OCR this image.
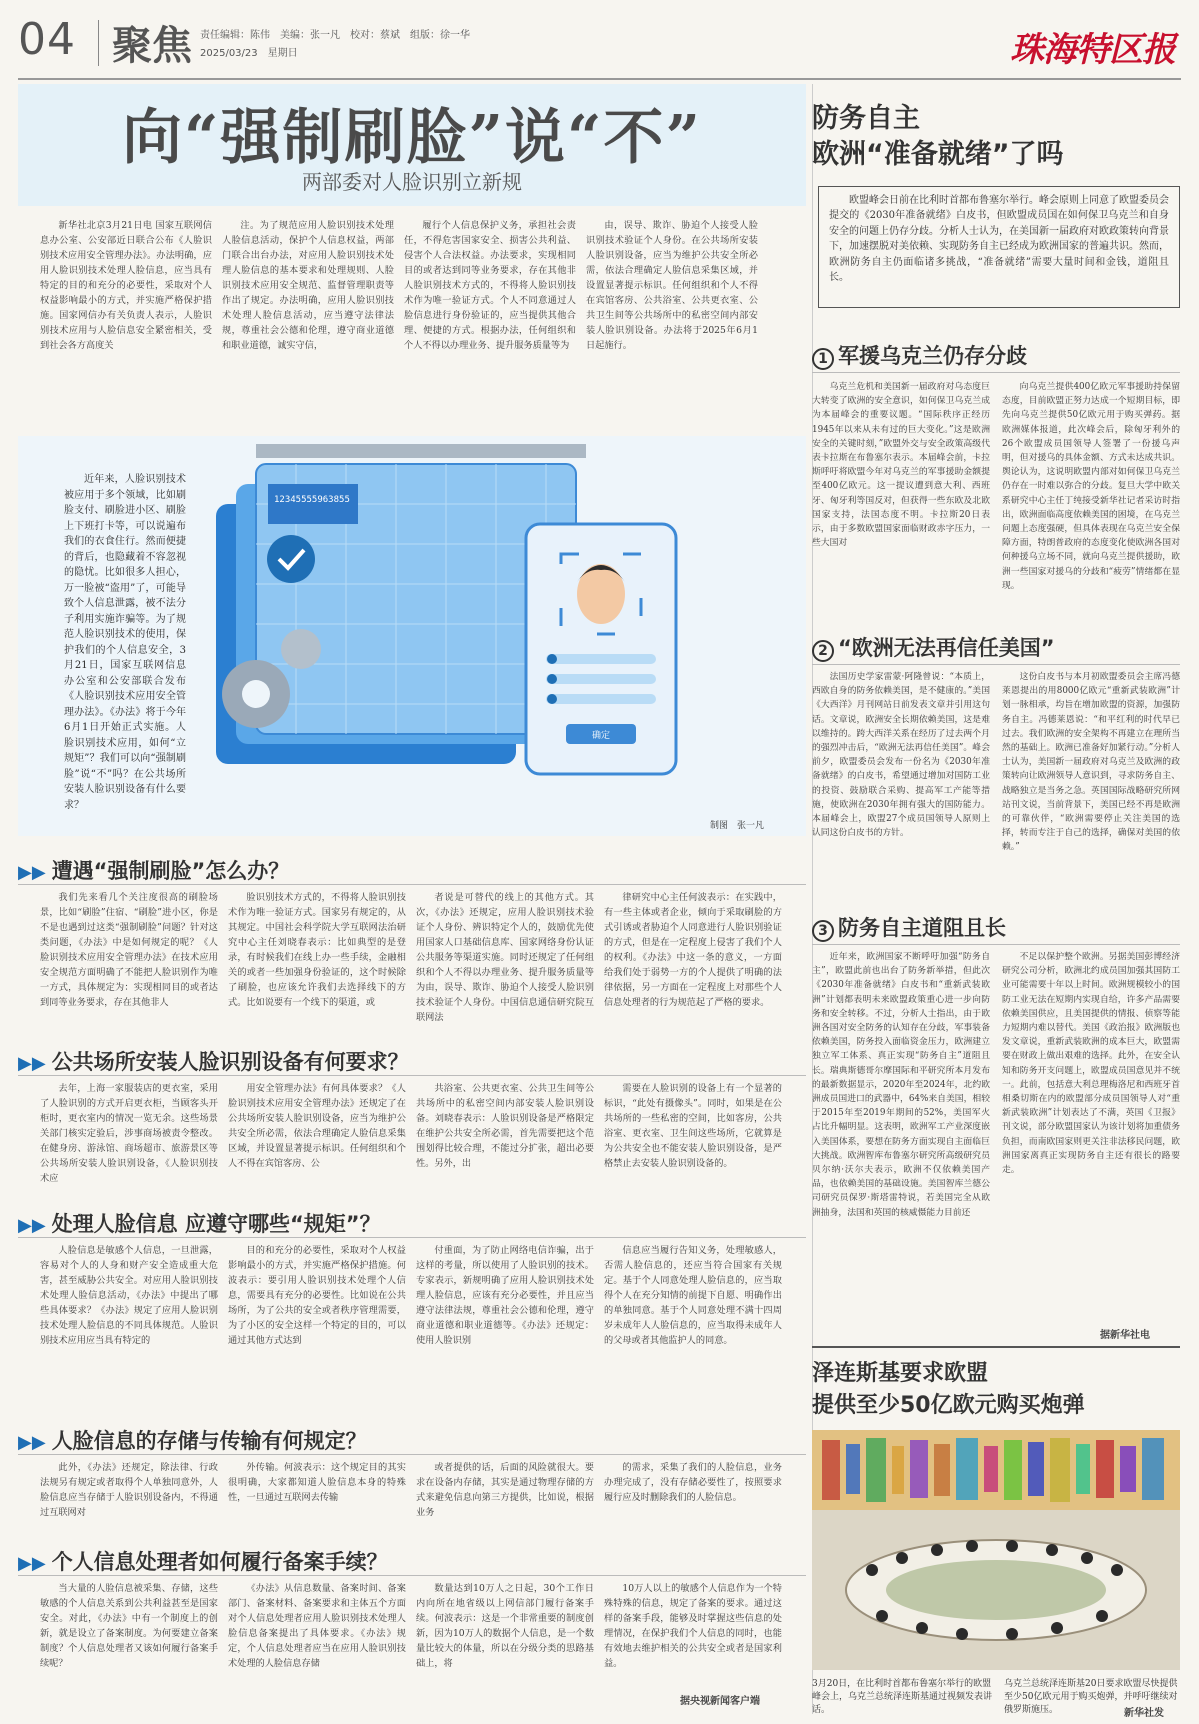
04 聚焦 责任编辑：陈伟　美编：张一凡　校对：蔡斌　组版：徐一华
2025/03/23　星期日	珠海特区报
向“强制刷脸”说“不”
两部委对人脸识别立新规

新华社北京3月21日电 国家互联网信息办公室、公安部近日联合公布《人脸识别技术应用安全管理办法》。办法明确，应用人脸识别技术处理人脸信息，应当具有特定的目的和充分的必要性，采取对个人权益影响最小的方式，并实施严格保护措施。国家网信办有关负责人表示，人脸识别技术应用与人脸信息安全紧密相关，受到社会各方高度关

注。为了规范应用人脸识别技术处理人脸信息活动，保护个人信息权益，两部门联合出台办法，对应用人脸识别技术处理人脸信息的基本要求和处理规则、人脸识别技术应用安全规范、监督管理职责等作出了规定。办法明确，应用人脸识别技术处理人脸信息活动，应当遵守法律法规，尊重社会公德和伦理，遵守商业道德和职业道德，诚实守信，

履行个人信息保护义务，承担社会责任，不得危害国家安全、损害公共利益、侵害个人合法权益。办法要求，实现相同目的或者达到同等业务要求，存在其他非人脸识别技术方式的，不得将人脸识别技术作为唯一验证方式。个人不同意通过人脸信息进行身份验证的，应当提供其他合理、便捷的方式。根据办法，任何组织和个人不得以办理业务、提升服务质量等为

由，误导、欺诈、胁迫个人接受人脸识别技术验证个人身份。在公共场所安装人脸识别设备，应当为维护公共安全所必需，依法合理确定人脸信息采集区域，并设置显著提示标识。任何组织和个人不得在宾馆客房、公共浴室、公共更衣室、公共卫生间等公共场所中的私密空间内部安装人脸识别设备。办法将于2025年6月1日起施行。

近年来，人脸识别技术被应用于多个领域，比如刷脸支付、刷脸进小区、刷脸上下班打卡等，可以说遍布我们的衣食住行。然而便捷的背后，也隐藏着不容忽视的隐忧。比如很多人担心，万一脸被“盗用”了，可能导致个人信息泄露，被不法分子利用实施诈骗等。为了规范人脸识别技术的使用，保护我们的个人信息安全，3月21日，国家互联网信息办公室和公安部联合发布《人脸识别技术应用安全管理办法》。《办法》将于今年6月1日开始正式实施。人脸识别技术应用，如何“立规矩”？我们可以向“强制刷脸”说“不”吗？在公共场所安装人脸识别设备有什么要求？

12345555963855
确定
制图　张一凡
▶▶ 遭遇“强制刷脸”怎么办？

我们先来看几个关注度很高的刷脸场景，比如“刷脸”住宿、“刷脸”进小区，你是不是也遇到过这类“强制刷脸”问题？针对这类问题，《办法》中是如何规定的呢？《人脸识别技术应用安全管理办法》在技术应用安全规范方面明确了不能把人脸识别作为唯一方式，具体规定为：实现相同目的或者达到同等业务要求，存在其他非人

脸识别技术方式的，不得将人脸识别技术作为唯一验证方式。国家另有规定的，从其规定。中国社会科学院大学互联网法治研究中心主任刘晓春表示：比如典型的是登录，有时候我们在线上办一些手续，金融相关的或者一些加强身份验证的，这个时候除了刷脸，也应该允许我们去选择线下的方式。比如说要有一个线下的渠道，或

者说是可替代的线上的其他方式。其次，《办法》还规定，应用人脸识别技术验证个人身份、辨识特定个人的，鼓励优先使用国家人口基础信息库、国家网络身份认证公共服务等渠道实施。同时还规定了任何组织和个人不得以办理业务、提升服务质量等为由，误导、欺诈、胁迫个人接受人脸识别技术验证个人身份。中国信息通信研究院互联网法

律研究中心主任何波表示：在实践中，有一些主体或者企业，倾向于采取刷脸的方式引诱或者胁迫个人同意进行人脸识别验证的方式，但是在一定程度上侵害了我们个人的权利。《办法》中这一条的意义，一方面给我们处于弱势一方的个人提供了明确的法律依据，另一方面在一定程度上对那些个人信息处理者的行为规范起了严格的要求。

▶▶ 公共场所安装人脸识别设备有何要求？

去年，上海一家服装店的更衣室，采用了人脸识别的方式开启更衣柜，当顾客头开柜时，更衣室内的情况一览无余。这些场景关部门核实定验后，涉事商场被责令整改。在健身房、游泳馆、商场超市、旅游景区等公共场所安装人脸识别设备，《人脸识别技术应

用安全管理办法》有何具体要求？《人脸识别技术应用安全管理办法》还规定了在公共场所安装人脸识别设备，应当为维护公共安全所必需，依法合理确定人脸信息采集区域，并设置显著提示标识。任何组织和个人不得在宾馆客房、公

共浴室、公共更衣室、公共卫生间等公共场所中的私密空间内部安装人脸识别设备。刘晓春表示：人脸识别设备是严格限定在维护公共安全所必需，首先需要把这个范围划得比较合理，不能过分扩张，超出必要性。另外，出

需要在人脸识别的设备上有一个显著的标识，“此处有摄像头”。同时，如果是在公共场所的一些私密的空间，比如客房，公共浴室、更衣室、卫生间这些场所，它就算是为公共安全也不能安装人脸识别设备，是严格禁止去安装人脸识别设备的。

▶▶ 处理人脸信息 应遵守哪些“规矩”？

人脸信息是敏感个人信息，一旦泄露，容易对个人的人身和财产安全造成重大危害，甚至威胁公共安全。对应用人脸识别技术处理人脸信息活动，《办法》中提出了哪些具体要求？《办法》规定了应用人脸识别技术处理人脸信息的不同具体规范。人脸识别技术应用应当具有特定的

目的和充分的必要性，采取对个人权益影响最小的方式，并实施严格保护措施。何波表示：要引用人脸识别技术处理个人信息，需要具有充分的必要性。比如说在公共场所，为了公共的安全或者秩序管理需要，为了小区的安全这样一个特定的目的，可以通过其他方式达到

付重面，为了防止网络电信诈骗，出于这样的考量，所以使用了人脸识别的技术。专家表示，新规明确了应用人脸识别技术处理人脸信息，应该有充分必要性，并且应当遵守法律法规，尊重社会公德和伦理，遵守商业道德和职业道德等。《办法》还规定：使用人脸识别

信息应当履行告知义务，处理敏感人，否需人脸信息的，还应当符合国家有关规定。基于个人同意处理人脸信息的，应当取得个人在充分知情的前提下自愿、明确作出的单独同意。基于个人同意处理不满十四周岁未成年人人脸信息的，应当取得未成年人的父母或者其他监护人的同意。

▶▶ 人脸信息的存储与传输有何规定？

此外，《办法》还规定，除法律、行政法规另有规定或者取得个人单独同意外，人脸信息应当存储于人脸识别设备内，不得通过互联网对

外传输。何波表示：这个规定目的其实很明确，大家都知道人脸信息本身的特殊性，一旦通过互联网去传输

或者提供的话，后面的风险就很大。要求在设备内存储，其实是通过物理存储的方式来避免信息向第三方提供，比如说，根据业务

的需求，采集了我们的人脸信息，业务办理完成了，没有存储必要性了，按照要求履行应及时删除我们的人脸信息。

▶▶ 个人信息处理者如何履行备案手续？

当大量的人脸信息被采集、存储，这些敏感的个人信息关系到公共利益甚至是国家安全。对此，《办法》中有一个制度上的创新，就是设立了备案制度。为何要建立备案制度？个人信息处理者又该如何履行备案手续呢？

《办法》从信息数量、备案时间、备案部门、备案材料、备案要求和主体五个方面对个人信息处理者应用人脸识别技术处理人脸信息备案提出了具体要求。《办法》规定，个人信息处理者应当在应用人脸识别技术处理的人脸信息存储

数量达到10万人之日起，30个工作日内向所在地省级以上网信部门履行备案手续。何波表示：这是一个非常重要的制度创新，因为10万人的数据个人信息，是一个数量比较大的体量，所以在分级分类的思路基础上，将

10万人以上的敏感个人信息作为一个特殊特殊的信息，规定了备案的要求。通过这样的备案手段，能够及时掌握这些信息的处理情况，在保护我们个人信息的同时，也能有效地去维护相关的公共安全或者是国家利益。

据央视新闻客户端
防务自主
欧洲“准备就绪”了吗
欧盟峰会日前在比利时首都布鲁塞尔举行。峰会原则上同意了欧盟委员会提交的《2030年准备就绪》白皮书，但欧盟成员国在如何保卫乌克兰和自身安全的问题上仍存分歧。分析人士认为，在美国新一届政府对欧政策转向背景下，加速摆脱对美依赖、实现防务自主已经成为欧洲国家的普遍共识。然而，欧洲防务自主仍面临诸多挑战，“准备就绪”需要大量时间和金钱，道阻且长。
1 军援乌克兰仍存分歧

乌克兰危机和美国新一届政府对乌态度巨大转变了欧洲的安全意识，如何保卫乌克兰成为本届峰会的重要议题。“国际秩序正经历1945年以来从未有过的巨大变化。”这是欧洲安全的关键时刻，”欧盟外交与安全政策高级代表卡拉斯在布鲁塞尔表示。本届峰会前，卡拉斯呼吁将欧盟今年对乌克兰的军事援助金额提至400亿欧元。这一提议遭到意大利、西班牙、匈牙利等国反对，但获得一些东欧及北欧国家支持，法国态度不明。卡拉斯20日表示，由于多数欧盟国家面临财政赤字压力，一些大国对

向乌克兰提供400亿欧元军事援助持保留态度，目前欧盟正努力达成一个短期目标，即先向乌克兰提供50亿欧元用于购买弹药。据欧洲媒体报道，此次峰会后，除匈牙利外的26个欧盟成员国领导人签署了一份援乌声明，但对援乌的具体金额、方式未达成共识。舆论认为，这说明欧盟内部对如何保卫乌克兰仍存在一时难以弥合的分歧。复旦大学中欧关系研究中心主任丁纯接受新华社记者采访时指出，欧洲面临高度依赖美国的困境，在乌克兰问题上态度强硬，但具体表现在乌克兰安全保障方面，特朗普政府的态度变化使欧洲各国对何种援乌立场不同，就向乌克兰提供援助，欧洲一些国家对援乌的分歧和“疲劳”情绪都在显现。

2 “欧洲无法再信任美国”

法国历史学家雷蒙·阿隆曾说：“本质上，西欧自身的防务依赖美国，是不健康的。”美国《大西洋》月刊网站日前发表文章并引用这句话。文章说，欧洲安全长期依赖美国，这是难以维持的。跨大西洋关系在经历了过去两个月的强烈冲击后，“欧洲无法再信任美国”。峰会前夕，欧盟委员会发布一份名为《2030年准备就绪》的白皮书，希望通过增加对国防工业的投资、鼓励联合采购、提高军工产能等措施，使欧洲在2030年拥有强大的国防能力。本届峰会上，欧盟27个成员国领导人原则上认同这份白皮书的方针。

这份白皮书与本月初欧盟委员会主席冯德莱恩提出的用8000亿欧元“重新武装欧洲”计划一脉相承，均旨在增加欧盟的资源，加强防务自主。冯德莱恩说：“和平红利的时代早已过去。我们欧洲的安全架构不再建立在理所当然的基础上。欧洲已准备好加紧行动。”分析人士认为，美国新一届政府对乌克兰及欧洲的政策转向让欧洲领导人意识到，寻求防务自主、战略独立是当务之急。英国国际战略研究所网站刊文说，当前背景下，美国已经不再是欧洲的可靠伙伴，“欧洲需要停止关注美国的选择，转而专注于自己的选择，确保对美国的依赖。”

3 防务自主道阻且长

近年来，欧洲国家不断呼吁加强“防务自主”，欧盟此前也出台了防务新举措，但此次《2030年准备就绪》白皮书和“重新武装欧洲”计划都表明未来欧盟政策重心进一步向防务和安全转移。不过，分析人士指出，由于欧洲各国对安全防务的认知存在分歧，军事装备依赖美国，防务投入面临资金压力，欧洲建立独立军工体系、真正实现“防务自主”道阻且长。瑞典斯德哥尔摩国际和平研究所本月发布的最新数据显示，2020年至2024年，北约欧洲成员国进口的武器中，64%来自美国，相较于2015年至2019年期间的52%，美国军火占比升幅明显。这表明，欧洲军工产业深度嵌入美国体系，要想在防务方面实现自主面临巨大挑战。欧洲智库布鲁塞尔研究所高级研究员贝尔纳·沃尔夫表示，欧洲不仅依赖美国产品，也依赖美国的基础设施。美国智库兰德公司研究员保罗·斯塔雷特说，若美国完全从欧洲抽身，法国和英国的核威慑能力目前还

不足以保护整个欧洲。另据美国彭博经济研究公司分析，欧洲北约成员国加强其国防工业可能需要十年以上时间。欧洲规模较小的国防工业无法在短期内实现自给，许多产品需要依赖美国供应，且美国提供的情报、侦察等能力短期内难以替代。美国《政治报》欧洲版也发文章说，重新武装欧洲的成本巨大，欧盟需要在财政上做出艰难的选择。此外，在安全认知和防务开支问题上，欧盟成员国意见并不统一。此前，包括意大利总理梅洛尼和西班牙首相桑切斯在内的欧盟部分成员国领导人对“重新武装欧洲”计划表达了不满，英国《卫报》刊文说，部分欧盟国家认为该计划将加重债务负担，而南欧国家则更关注非法移民问题，欧洲国家离真正实现防务自主还有很长的路要走。

据新华社电
泽连斯基要求欧盟
提供至少50亿欧元购买炮弹
3月20日，在比利时首都布鲁塞尔举行的欧盟峰会上，乌克兰总统泽连斯基通过视频发表讲话。
乌克兰总统泽连斯基20日要求欧盟尽快提供至少50亿欧元用于购买炮弹，并呼吁继续对俄罗斯施压。	新华社发
